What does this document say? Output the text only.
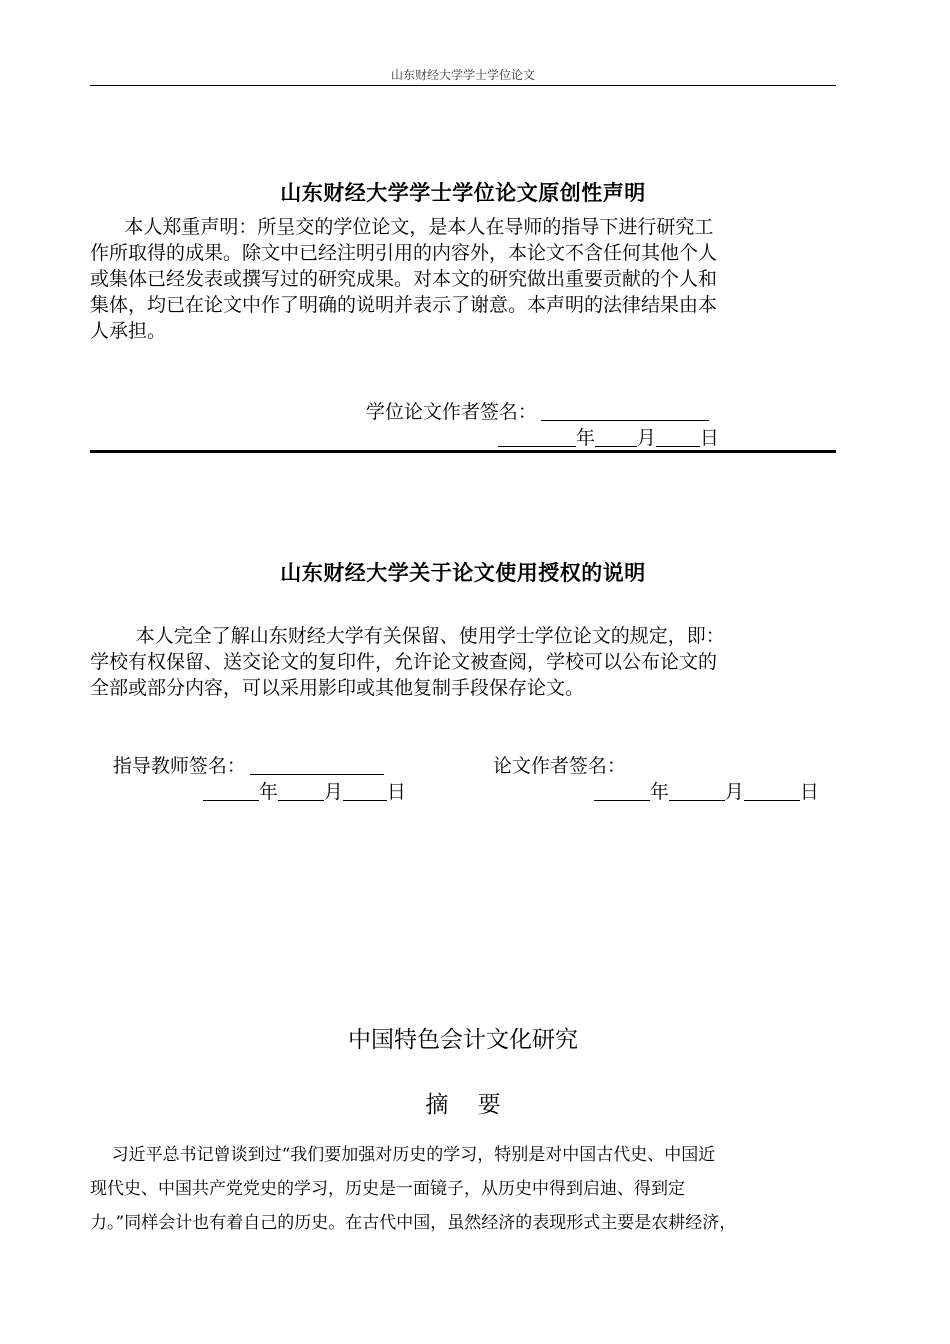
山东财经大学学士学位论文
山东财经大学学士学位论文原创性声明
本人郑重声明：所呈交的学位论文，是本人在导师的指导下进行研究工
作所取得的成果。除文中已经注明引用的内容外，本论文不含任何其他个人
或集体已经发表或撰写过的研究成果。对本文的研究做出重要贡献的个人和
集体，均已在论文中作了明确的说明并表示了谢意。本声明的法律结果由本
人承担。

学位论文作者签名：

年 月 日

山东财经大学关于论文使用授权的说明
本人完全了解山东财经大学有关保留、使用学士学位论文的规定，即：
学校有权保留、送交论文的复印件，允许论文被查阅，学校可以公布论文的
全部或部分内容，可以采用影印或其他复制手段保存论文。

指导教师签名：	论文作者签名：

年 月 日	年	月	日

中国特色会计文化研究
摘    要
习近平总书记曾谈到过“我们要加强对历史的学习，特别是对中国古代史、中国近
现代史、中国共产党党史的学习，历史是一面镜子，从历史中得到启迪、得到定
力。”同样会计也有着自己的历史。在古代中国，虽然经济的表现形式主要是农耕经济，
